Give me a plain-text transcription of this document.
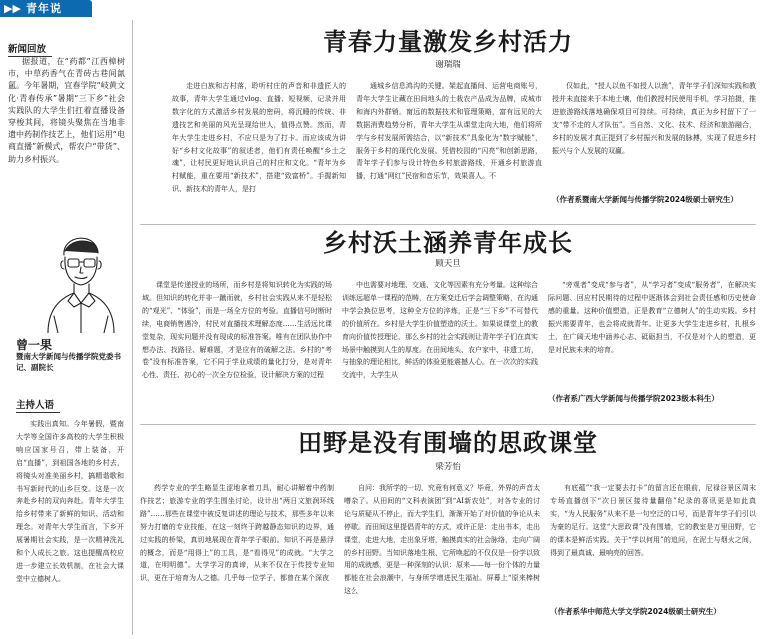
▶▶ 青年说
新闻回放
据报道，在“药都”江西樟树市，中草药香气在青砖古巷间氤氲。今年暑期，宜春学院“岐黄文化·青春传承”暑期“三下乡”社会实践队的大学生们扛着直播设备穿梭其间，将镜头聚焦在当地非遗中药制作技艺上，他们运用“电商直播”新模式，帮农户“带货”、助力乡村振兴。
曾一果
暨南大学新闻与传播学院党委书记、副院长
主持人语
实践出真知。今年暑假，暨南大学等全国许多高校的大学生积极响应国家号召，带上装备，开启“直播”，到祖国各地的乡村去，将镜头对准美丽乡村，搞精谐歌和书写新时代的山乡巨变。这是一次奔赴乡村的双向奔赴。青年大学生给乡村带来了新鲜的知识、活动和理念。对青年大学生而言，下乡开展暑期社会实践，是一次精神洗礼和个人成长之旅。这也提醒高校应进一步建立长效机制，在社会大课堂中立德树人。
青春力量激发乡村活力
谢瑞瑞
走进白族和古村落，聆听村庄的声音和非遗匠人的故事，青年大学生通过vlog、直播、短视频，记录并用数字化的方式激活乡村发展的密码，将沉睡的传统、非遗技艺和美丽的风光呈现给世人，值得点赞。然而，青年大学生走进乡村，不应只是为了打卡。而应该成为讲好“乡村文化故事”的叙述者，他们有责任唤醒“乡土之魂”，让村民更好地认识自己的村庄和文化。“青年为乡村赋能，重在要用“新技术”，搭建“致富桥”。手握新知识、新技术的青年人，是打
通城乡信息鸿沟的关键。架起直播间、运营电商账号，青年大学生让藏在田间地头的土栽农产品成为品牌，成城市和海内外群销。甯远的数据技术和管理策略，富有远见的大数据消费趋势分析，青年大学生从课堂走向大地，他们将所学与乡村发展所需结合，以“新技术”具象化为“数字赋能”，服务于乡村的现代化发展。凭借校园的“闪亮”和创新思路，青年学子们参与设计特色乡村旅游路线，开通乡村旅游直播，打通“网红”民宿和音乐节，效果喜人。不
仅如此，“授人以鱼不如授人以渔”，青年学子们深知实践和教授并未直接来于本地土壤，他们教授村民使用手机，学习拍摄，推进旅游路线落地确保项目可持续。可持续，真正为乡村留下了一支“带不走的人才队伍”。当自然、文化、技术、经济和旅游融合，乡村的发展才真正提到了乡村振兴和发展的脉搏，实现了促进乡村振兴与个人发展的双赢。
（作者系暨南大学新闻与传播学院2024级硕士研究生）
乡村沃土涵养青年成长
顾天旦
课堂是传递授业的场所，而乡村是将知识转化为实践的场域。但知识的转化并非一蹴而就，乡村社会实践从来不是轻松的“观光”、“体验”，而是一场全方位的考验。直播信号时断时续，电商销售遇冷，村民对直播技术理解态度……生活远比课堂复杂，现实问题并没有现成的标准答案。唯有在团队协作中想办法、找路径、解难题，才是应有的破解之法。乡村的“考卷”没有标准答案，它不同于学业成绩的量化打分，是对青年心性、责任、初心的一次全方位检验，设计解决方案的过程
中也需要对地理、交通、文化等因素有充分考量。这种综合训练远超单一课程的范畴，在方案变迁后学会调整策略，在沟通中学会换位思考，这种全方位的淬炼，正是“三下乡”不可替代的价值所在。乡村是大学生价值塑造的沃土。如果说课堂上的教育向价值传授理论，那么乡村的社会实践则让青年学子们在真实场景中触摸到人生的厚度。在田间地头、农户家中、非遗工坊，与抽象的理论相比，鲜活的体验更能震撼人心。在一次次的实践交流中，大学生从
“旁观者”变成“参与者”，从“学习者”变成“服务者”，在解决实际问题、回应村民期待的过程中逐渐体会到社会责任感和历史使命感的重量。这种价值塑造，正是教育“立德树人”的生动实践。乡村振兴需要青年，也会将成就青年。让更多大学生走进乡村，扎根乡土，在广阔天地中涵养心志、砥砺担当，不仅是对个人的塑造，更是对民族未来的培育。
（作者系广西大学新闻与传播学院2023级本科生）
田野是没有围墙的思政课堂
梁芳怡
药学专业的学生略显生涩地拿着刀具，耐心讲解着中药制作技艺；旅游专业的学生围坐讨论，设计出“两日文旅润环线路”……那些在课堂中被反复讲述的理论与技术，那些多年以来努力打磨的专业技能，在这一刻终于跨越静态知识的边界，通过实践的桥梁，真切地展现在青年学子眼前。知识不再是悬浮的概念，而是“用得上”的工具，是“看得见”的成就。“大学之道，在明明德”。大学学习的真谛，从来不仅在于传授专业知识，更在于培育为人之德。几乎每一位学子，都曾在某个深夜
自问：我所学的一切，究竟有何意义？毕竟，外界的声音太嘈杂了。从田间的“文科表演团”到“AI新农处”，对各专业的讨论与质疑从不停止，而大学生们，渐渐开始了对价值的争论从未停歇。而田间这里提倡青年的方式，或许正是：走出书本，走出课堂，走进大地，走出象牙塔，触摸真实的社会脉络，走向广阔的乡村田野。当知识落地生根，它所唤起的不仅仅是一份学以致用的成就感，更是一种深刻的认识：原来——每一份个体的力量都能在社会浪潮中，与身所学增进民生福祉。屏幕上“原来棒树这么
有底蕴”“我一定要去打卡”的留言还在眼前，尼禄谷景区周末专场直播创下“次日景区接待量翻倍”纪录的喜讯更是如此真实，“为人民服务”从来不是一句空泛的口号，而是青年学子们引以为豪的足行。这堂“大思政课”没有围墙，它的教室是万里田野，它的课本是鲜活实践。关于“学以何用”的追问，在泥土与烟火之间，得到了最真诚、最响亮的回答。
（作者系华中师范大学文学院2024级硕士研究生）
